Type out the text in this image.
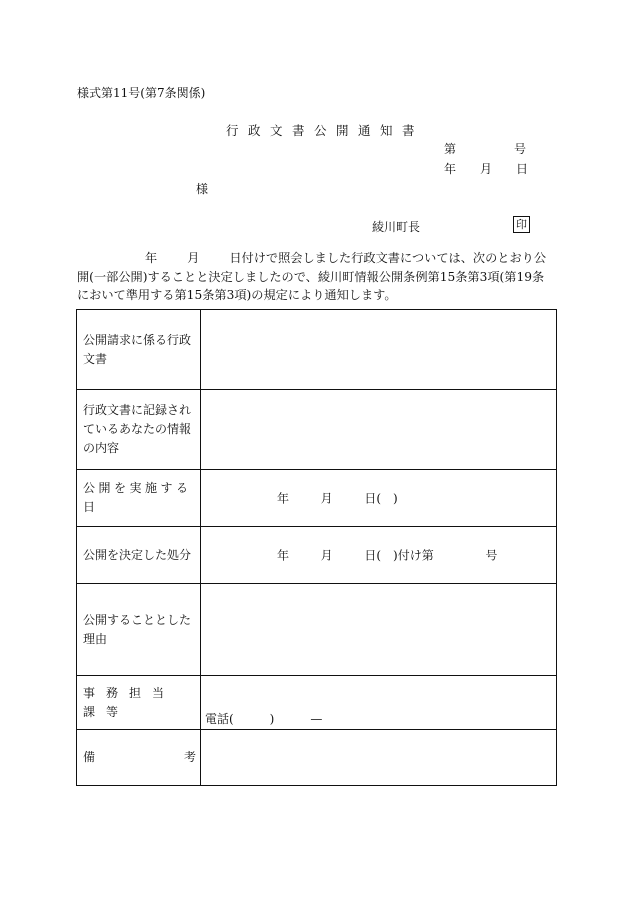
様式第11号(第7条関係)
行政文書公開通知書
第	号
年 月 日
様
綾川町長	印
年 月 日付けで照会しました行政文書については、次のとおり公開(一部公開)することと決定しましたので、綾川町情報公開条例第15条第3項(第19条において準用する第15条第3項)の規定により通知します。
公開請求に係る行政文書	
行政文書に記録されているあなたの情報の内容	
公開を実施する日	年 月 日(　)

公開を決定した処分	年 月 日(　)付け第 号

公開することとした理由	
事務担当課等	電話(　　　)　　　—

備 考	
